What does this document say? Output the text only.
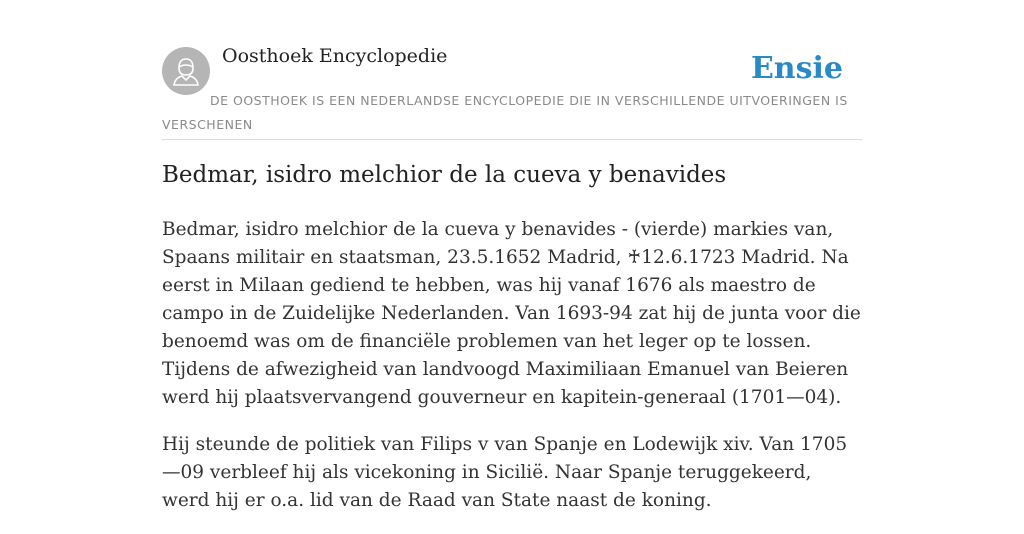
Oosthoek Encyclopedie	Ensie

DE OOSTHOEK IS EEN NEDERLANDSE ENCYCLOPEDIE DIE IN VERSCHILLENDE UITVOERINGEN IS VERSCHENEN

Bedmar, isidro melchior de la cueva y benavides

Bedmar, isidro melchior de la cueva y benavides - (vierde) markies van, Spaans militair en staatsman, 23.5.1652 Madrid, ♰12.6.1723 Madrid. Na eerst in Milaan gediend te hebben, was hij vanaf 1676 als maestro de campo in de Zuidelijke Nederlanden. Van 1693-94 zat hij de junta voor die benoemd was om de financiële problemen van het leger op te lossen. Tijdens de afwezigheid van landvoogd Maximiliaan Emanuel van Beieren werd hij plaatsvervangend gouverneur en kapitein-generaal (1701—04).

Hij steunde de politiek van Filips v van Spanje en Lodewijk xiv. Van 1705—09 verbleef hij als vicekoning in Sicilië. Naar Spanje teruggekeerd, werd hij er o.a. lid van de Raad van State naast de koning.
